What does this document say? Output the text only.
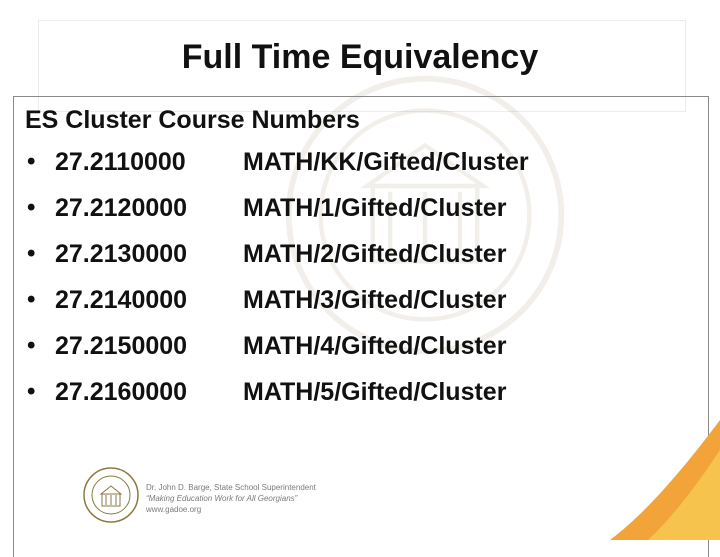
Full Time Equivalency

ES Cluster Course Numbers

• 27.2110000 MATH/KK/Gifted/Cluster
• 27.2120000 MATH/1/Gifted/Cluster
• 27.2130000 MATH/2/Gifted/Cluster
• 27.2140000 MATH/3/Gifted/Cluster
• 27.2150000 MATH/4/Gifted/Cluster
• 27.2160000 MATH/5/Gifted/Cluster
Dr. John D. Barge, State School Superintendent
“Making Education Work for All Georgians”
www.gadoe.org
